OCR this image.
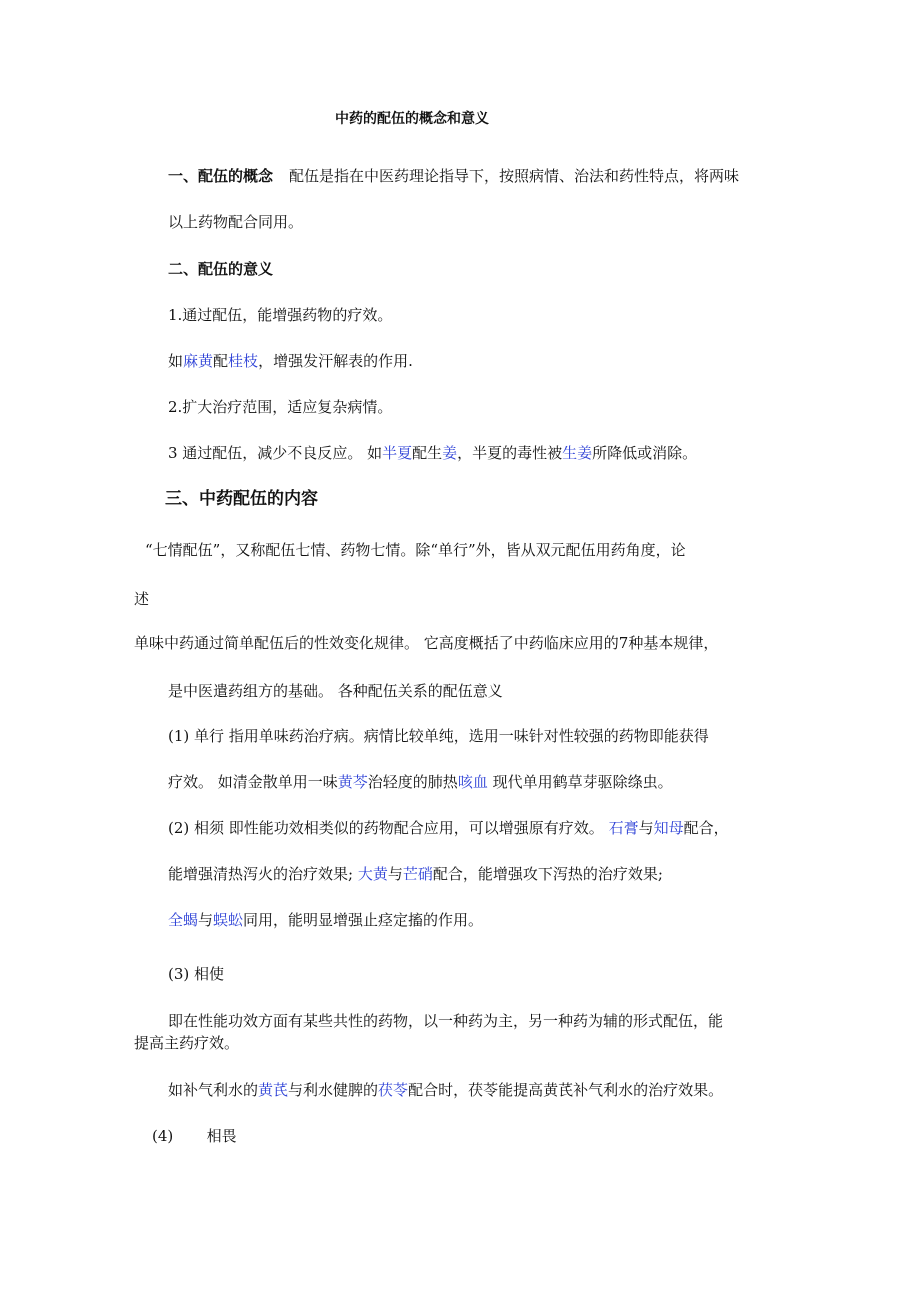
中药的配伍的概念和意义
一、配伍的概念 配伍是指在中医药理论指导下，按照病情、治法和药性特点，将两味
以上药物配合同用。
二、配伍的意义
1.通过配伍，能增强药物的疗效。
如麻黄配桂枝，增强发汗解表的作用.
2.扩大治疗范围，适应复杂病情。
3 通过配伍，减少不良反应。 如半夏配生姜，半夏的毒性被生姜所降低或消除。
三、中药配伍的内容
“七情配伍”，又称配伍七情、药物七情。除“单行”外，皆从双元配伍用药角度，论
述
单味中药通过简单配伍后的性效变化规律。 它高度概括了中药临床应用的7种基本规律，
是中医遣药组方的基础。 各种配伍关系的配伍意义
(1) 单行 指用单味药治疗病。病情比较单纯，选用一味针对性较强的药物即能获得
疗效。 如清金散单用一味黄芩治轻度的肺热咳血 现代单用鹤草芽驱除绦虫。
(2) 相须 即性能功效相类似的药物配合应用，可以增强原有疗效。 石膏与知母配合，
能增强清热泻火的治疗效果; 大黄与芒硝配合，能增强攻下泻热的治疗效果;
全蝎与蜈蚣同用，能明显增强止痉定搐的作用。
(3) 相使
即在性能功效方面有某些共性的药物，以一种药为主，另一种药为辅的形式配伍，能
提高主药疗效。
如补气利水的黄芪与利水健脾的茯苓配合时，茯苓能提高黄芪补气利水的治疗效果。
(4)       相畏
